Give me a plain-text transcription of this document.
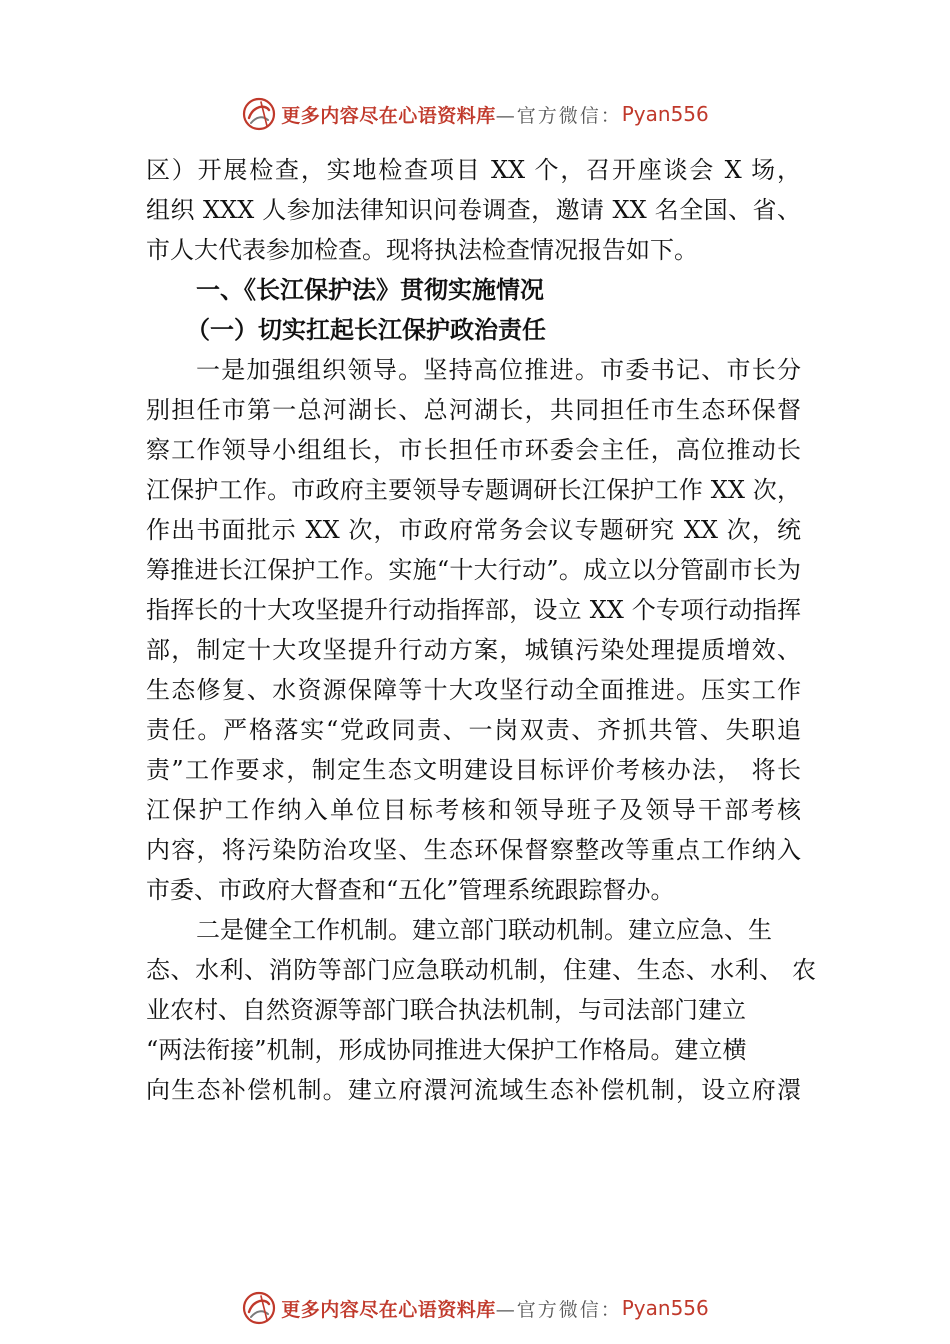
更多内容尽在心语资料库 —官方微信： Pyan556
区）开展检查，实地检查项目 XX 个，召开座谈会 X 场，
组织 XXX 人参加法律知识问卷调查，邀请 XX 名全国、省、
市人大代表参加检查。现将执法检查情况报告如下。
一、《长江保护法》贯彻实施情况
（一）切实扛起长江保护政治责任
一是加强组织领导。坚持高位推进。市委书记、市长分
别担任市第一总河湖长、总河湖长，共同担任市生态环保督
察工作领导小组组长，市长担任市环委会主任，高位推动长
江保护工作。市政府主要领导专题调研长江保护工作 XX 次，
作出书面批示 XX 次，市政府常务会议专题研究 XX 次，统
筹推进长江保护工作。实施“十大行动”。成立以分管副市长为
指挥长的十大攻坚提升行动指挥部，设立 XX 个专项行动指挥
部，制定十大攻坚提升行动方案，城镇污染处理提质增效、
生态修复、水资源保障等十大攻坚行动全面推进。压实工作
责任。严格落实“党政同责、一岗双责、齐抓共管、失职追
责”工作要求，制定生态文明建设目标评价考核办法， 将长
江保护工作纳入单位目标考核和领导班子及领导干部考核
内容，将污染防治攻坚、生态环保督察整改等重点工作纳入
市委、市政府大督查和“五化”管理系统跟踪督办。
二是健全工作机制。建立部门联动机制。建立应急、生
态、水利、消防等部门应急联动机制，住建、生态、水利、 农
业农村、自然资源等部门联合执法机制，与司法部门建立
“两法衔接”机制，形成协同推进大保护工作格局。建立横
向生态补偿机制。建立府澴河流域生态补偿机制，设立府澴
更多内容尽在心语资料库 —官方微信： Pyan556
